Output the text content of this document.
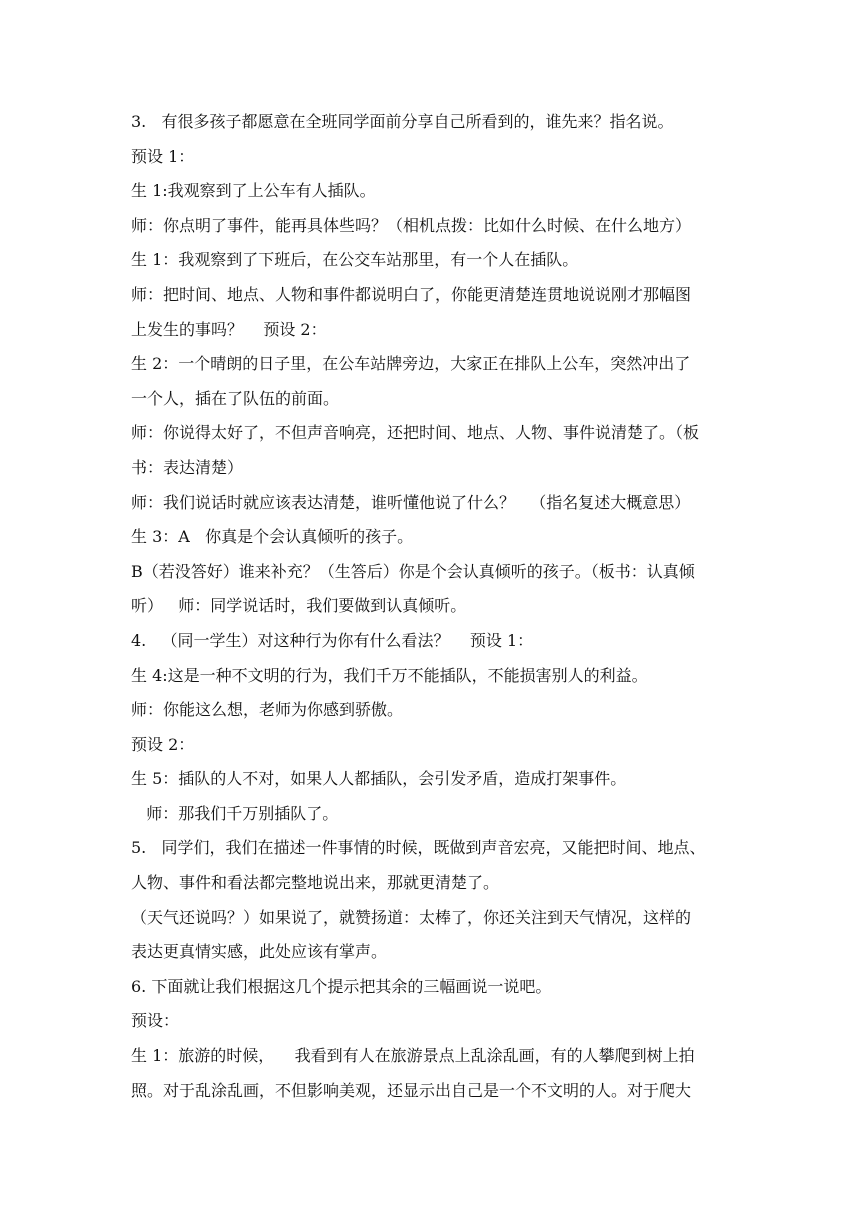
3.   有很多孩子都愿意在全班同学面前分享自己所看到的，谁先来？指名说。
预设 1：
生 1:我观察到了上公车有人插队。
师：你点明了事件，能再具体些吗？（相机点拨：比如什么时候、在什么地方）
生 1：我观察到了下班后，在公交车站那里，有一个人在插队。
师：把时间、地点、人物和事件都说明白了，你能更清楚连贯地说说刚才那幅图
上发生的事吗？    预设 2：
生 2：一个晴朗的日子里，在公车站牌旁边，大家正在排队上公车，突然冲出了
一个人，插在了队伍的前面。
师：你说得太好了，不但声音响亮，还把时间、地点、人物、事件说清楚了。（板
书：表达清楚）
师：我们说话时就应该表达清楚，谁听懂他说了什么？   （指名复述大概意思）
生 3：A   你真是个会认真倾听的孩子。
B（若没答好）谁来补充？（生答后）你是个会认真倾听的孩子。（板书：认真倾
听）   师：同学说话时，我们要做到认真倾听。
4.   （同一学生）对这种行为你有什么看法？    预设 1：
生 4:这是一种不文明的行为，我们千万不能插队，不能损害别人的利益。
师：你能这么想，老师为你感到骄傲。
预设 2：
生 5：插队的人不对，如果人人都插队，会引发矛盾，造成打架事件。
师：那我们千万别插队了。
5.   同学们，我们在描述一件事情的时候，既做到声音宏亮，又能把时间、地点、
人物、事件和看法都完整地说出来，那就更清楚了。
（天气还说吗？）如果说了，就赞扬道：太棒了，你还关注到天气情况，这样的
表达更真情实感，此处应该有掌声。
6. 下面就让我们根据这几个提示把其余的三幅画说一说吧。
预设：
生 1：旅游的时候，    我看到有人在旅游景点上乱涂乱画，有的人攀爬到树上拍
照。对于乱涂乱画，不但影响美观，还显示出自己是一个不文明的人。对于爬大
